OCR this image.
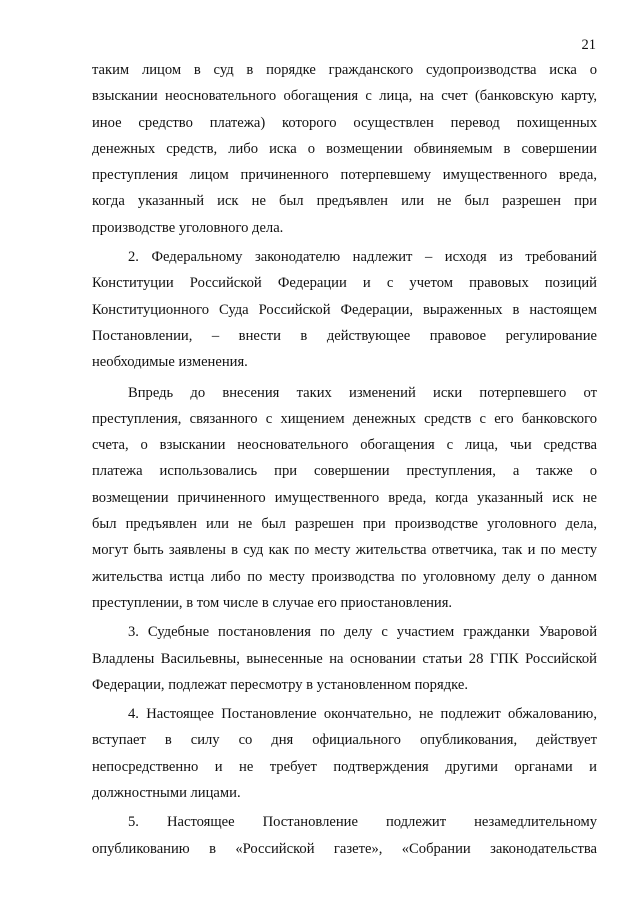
21
таким лицом в суд в порядке гражданского судопроизводства иска о
взыскании неосновательного обогащения с лица, на счет (банковскую карту,
иное средство платежа) которого осуществлен перевод похищенных
денежных средств, либо иска о возмещении обвиняемым в совершении
преступления лицом причиненного потерпевшему имущественного вреда,
когда указанный иск не был предъявлен или не был разрешен при
производстве уголовного дела.
2. Федеральному законодателю надлежит – исходя из требований
Конституции Российской Федерации и с учетом правовых позиций
Конституционного Суда Российской Федерации, выраженных в настоящем
Постановлении, – внести в действующее правовое регулирование
необходимые изменения.
Впредь до внесения таких изменений иски потерпевшего от
преступления, связанного с хищением денежных средств с его банковского
счета, о взыскании неосновательного обогащения с лица, чьи средства
платежа использовались при совершении преступления, а также о
возмещении причиненного имущественного вреда, когда указанный иск не
был предъявлен или не был разрешен при производстве уголовного дела,
могут быть заявлены в суд как по месту жительства ответчика, так и по месту
жительства истца либо по месту производства по уголовному делу о данном
преступлении, в том числе в случае его приостановления.
3. Судебные постановления по делу с участием гражданки Уваровой
Владлены Васильевны, вынесенные на основании статьи 28 ГПК Российской
Федерации, подлежат пересмотру в установленном порядке.
4. Настоящее Постановление окончательно, не подлежит обжалованию,
вступает в силу со дня официального опубликования, действует
непосредственно и не требует подтверждения другими органами и
должностными лицами.
5. Настоящее Постановление подлежит незамедлительному
опубликованию в «Российской газете», «Собрании законодательства
